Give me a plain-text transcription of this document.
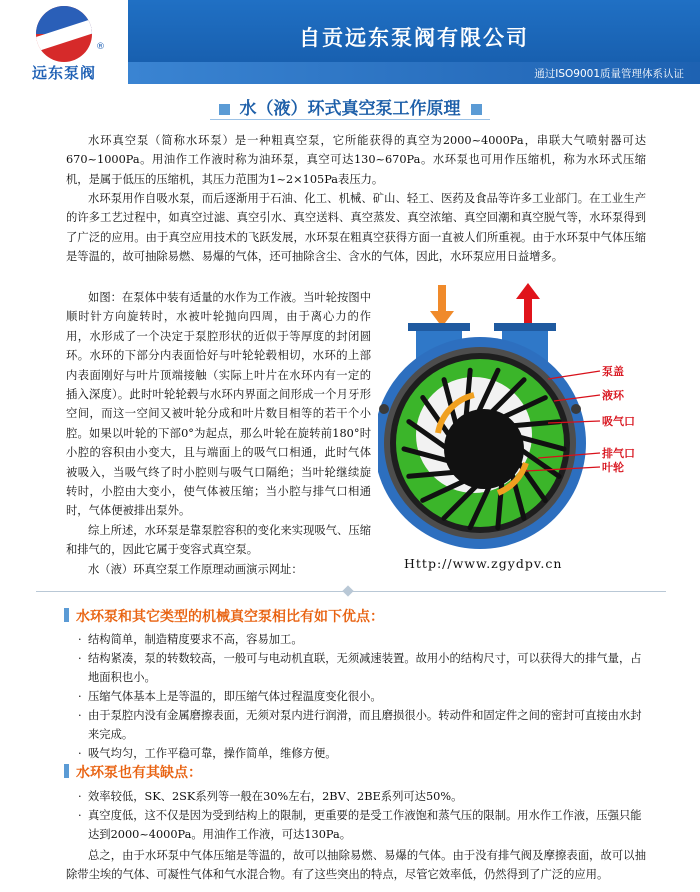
®
远东泵阀
自贡远东泵阀有限公司
通过ISO9001质量管理体系认证
水（液）环式真空泵工作原理

水环真空泵（简称水环泵）是一种粗真空泵，它所能获得的真空为2000~4000Pa，串联大气喷射器可达670~1000Pa。用油作工作液时称为油环泵，真空可达130~670Pa。水环泵也可用作压缩机，称为水环式压缩机，是属于低压的压缩机，其压力范围为1~2×105Pa表压力。

水环泵用作自吸水泵，而后逐渐用于石油、化工、机械、矿山、轻工、医药及食品等许多工业部门。在工业生产的许多工艺过程中，如真空过滤、真空引水、真空送料、真空蒸发、真空浓缩、真空回潮和真空脱气等，水环泵得到了广泛的应用。由于真空应用技术的飞跃发展，水环泵在粗真空获得方面一直被人们所重视。由于水环泵中气体压缩是等温的，故可抽除易燃、易爆的气体，还可抽除含尘、含水的气体，因此，水环泵应用日益增多。

如图：在泵体中装有适量的水作为工作液。当叶轮按图中顺时针方向旋转时，水被叶轮抛向四周，由于离心力的作用，水形成了一个决定于泵腔形状的近似于等厚度的封闭圆环。水环的下部分内表面恰好与叶轮轮毂相切，水环的上部内表面刚好与叶片顶端接触（实际上叶片在水环内有一定的插入深度）。此时叶轮轮毂与水环内界面之间形成一个月牙形空间，而这一空间又被叶轮分成和叶片数目相等的若干个小腔。如果以叶轮的下部0°为起点，那么叶轮在旋转前180°时小腔的容积由小变大，且与端面上的吸气口相通，此时气体被吸入，当吸气终了时小腔则与吸气口隔绝；当叶轮继续旋转时，小腔由大变小，使气体被压缩；当小腔与排气口相通时，气体便被排出泵外。

综上所述，水环泵是靠泵腔容积的变化来实现吸气、压缩和排气的，因此它属于变容式真空泵。

水（液）环真空泵工作原理动画演示网址：

泵盖
液环
吸气口
排气口
叶轮
Http://www.zgydpv.cn
水环泵和其它类型的机械真空泵相比有如下优点：
· 结构简单，制造精度要求不高，容易加工。
· 结构紧凑，泵的转数较高，一般可与电动机直联，无须减速装置。故用小的结构尺寸，可以获得大的排气量，占地面积也小。
· 压缩气体基本上是等温的，即压缩气体过程温度变化很小。
· 由于泵腔内没有金属磨擦表面，无须对泵内进行润滑，而且磨损很小。转动件和固定件之间的密封可直接由水封来完成。
· 吸气均匀，工作平稳可靠，操作简单，维修方便。
水环泵也有其缺点：
· 效率较低，SK、2SK系列等一般在30%左右，2BV、2BE系列可达50%。
· 真空度低，这不仅是因为受到结构上的限制，更重要的是受工作液饱和蒸气压的限制。用水作工作液，压强只能达到2000~4000Pa。用油作工作液，可达130Pa。

总之，由于水环泵中气体压缩是等温的，故可以抽除易燃、易爆的气体。由于没有排气阀及摩擦表面，故可以抽除带尘埃的气体、可凝性气体和气水混合物。有了这些突出的特点，尽管它效率低，仍然得到了广泛的应用。
